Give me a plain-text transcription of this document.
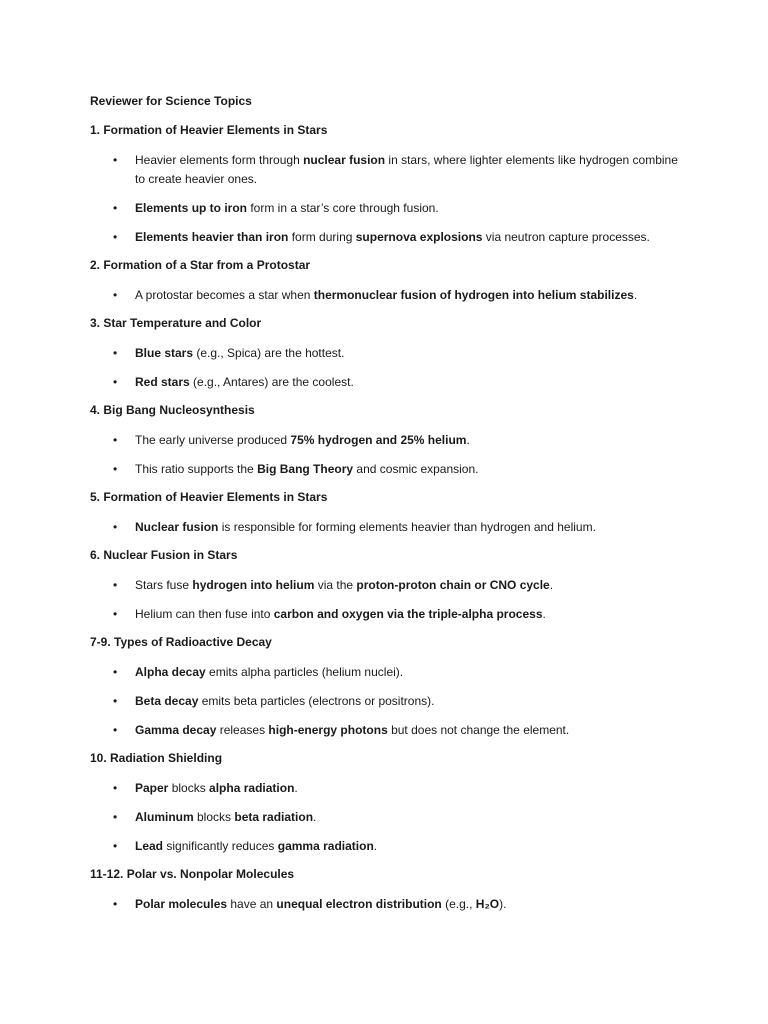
Reviewer for Science Topics
1. Formation of Heavier Elements in Stars
• Heavier elements form through nuclear fusion in stars, where lighter elements like hydrogen combine to create heavier ones.
• Elements up to iron form in a star’s core through fusion.
• Elements heavier than iron form during supernova explosions via neutron capture processes.
2. Formation of a Star from a Protostar
• A protostar becomes a star when thermonuclear fusion of hydrogen into helium stabilizes.
3. Star Temperature and Color
• Blue stars (e.g., Spica) are the hottest.
• Red stars (e.g., Antares) are the coolest.
4. Big Bang Nucleosynthesis
• The early universe produced 75% hydrogen and 25% helium.
• This ratio supports the Big Bang Theory and cosmic expansion.
5. Formation of Heavier Elements in Stars
• Nuclear fusion is responsible for forming elements heavier than hydrogen and helium.
6. Nuclear Fusion in Stars
• Stars fuse hydrogen into helium via the proton-proton chain or CNO cycle.
• Helium can then fuse into carbon and oxygen via the triple-alpha process.
7-9. Types of Radioactive Decay
• Alpha decay emits alpha particles (helium nuclei).
• Beta decay emits beta particles (electrons or positrons).
• Gamma decay releases high-energy photons but does not change the element.
10. Radiation Shielding
• Paper blocks alpha radiation.
• Aluminum blocks beta radiation.
• Lead significantly reduces gamma radiation.
11-12. Polar vs. Nonpolar Molecules
• Polar molecules have an unequal electron distribution (e.g., H₂O).
